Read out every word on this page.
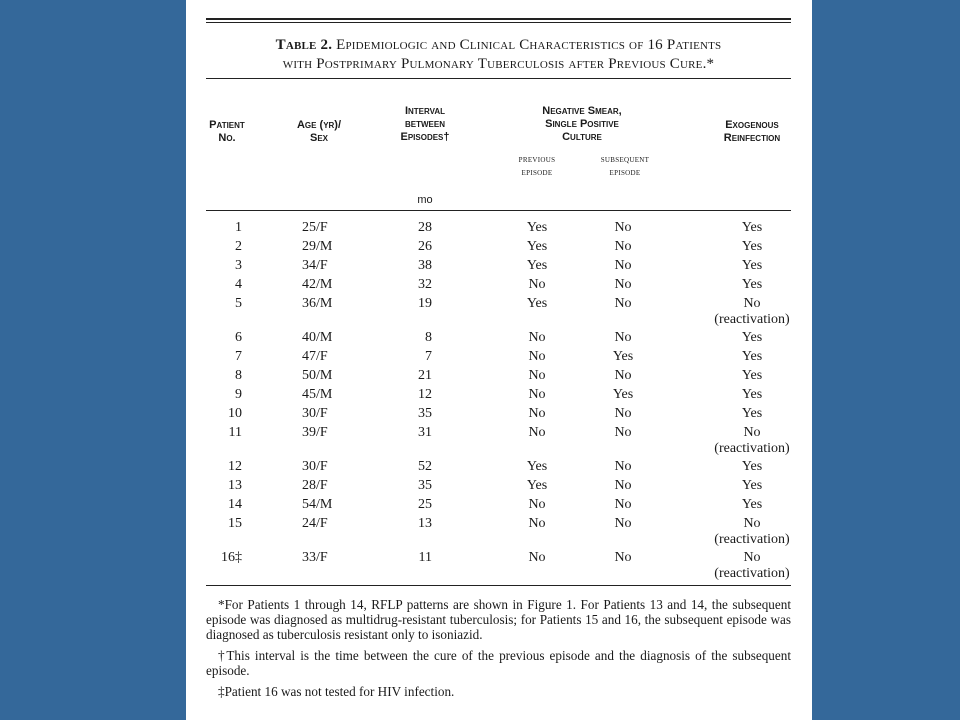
Table 2. Epidemiologic and Clinical Characteristics of 16 Patients
with Postprimary Pulmonary Tuberculosis after Previous Cure.*
Patient
No.
Age (yr)/
Sex
Interval
between
Episodes†
Negative Smear,
Single Positive
Culture
Exogenous
Reinfection
previous
episode
subsequent
episode
mo
1	25/F	28	Yes	No	Yes
2	29/M	26	Yes	No	Yes
3	34/F	38	Yes	No	Yes
4	42/M	32	No	No	Yes
5	36/M	19	Yes	No	No
(reactivation)
6	40/M	8	No	No	Yes
7	47/F	7	No	Yes	Yes
8	50/M	21	No	No	Yes
9	45/M	12	No	Yes	Yes
10	30/F	35	No	No	Yes
11	39/F	31	No	No	No
(reactivation)
12	30/F	52	Yes	No	Yes
13	28/F	35	Yes	No	Yes
14	54/M	25	No	No	Yes
15	24/F	13	No	No	No
(reactivation)
16‡	33/F	11	No	No	No
(reactivation)

*For Patients 1 through 14, RFLP patterns are shown in Figure 1. For Patients 13 and 14, the subsequent episode was diagnosed as multidrug-resistant tuberculosis; for Patients 15 and 16, the subsequent episode was diagnosed as tuberculosis resistant only to isoniazid.

†This interval is the time between the cure of the previous episode and the diagnosis of the subsequent episode.

‡Patient 16 was not tested for HIV infection.
